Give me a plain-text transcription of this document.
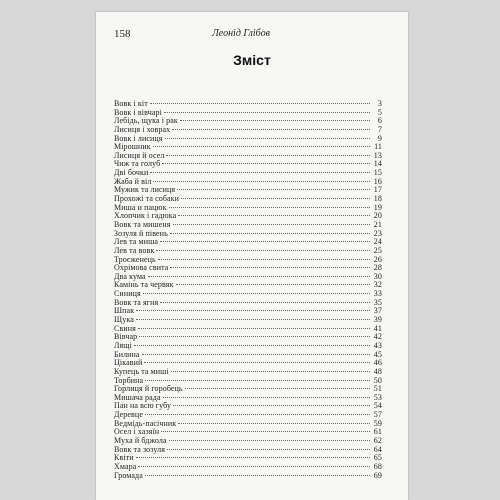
158	Леонід Глібов
Зміст
Вовк і кіт	3
Вовк і вівчарі	5
Лебідь, щука і рак	6
Лисиця і ховрах	7
Вовк і лисиця	9
Мірошник	11
Лисиця й осел	13
Чиж та голуб	14
Дві бочки	15
Жаба й віл	16
Мужик та лисиця	17
Прохожі та собаки	18
Миша и пацюк	19
Хлопчик і гадюка	20
Вовк та мишеня	21
Зозуля й півень	23
Лев та миша	24
Лев та вовк	25
Троєженець	26
Охрімова свита	28
Два кума	30
Камінь та червяк	32
Синиця	33
Вовк та ягня	35
Шпак	37
Щука	39
Свиня	41
Вівчар	42
Лящі	43
Билина	45
Цікавий	46
Купець та миші	48
Торбина	50
Горлиця й горобець	51
Мишача рада	53
Пан на всю губу	54
Деревце	57
Ведмідь-пасічник	59
Осел і хазяїн	61
Муха й бджола	62
Вовк та зозуля	64
Квіти	65
Хмара	68
Громада	69
